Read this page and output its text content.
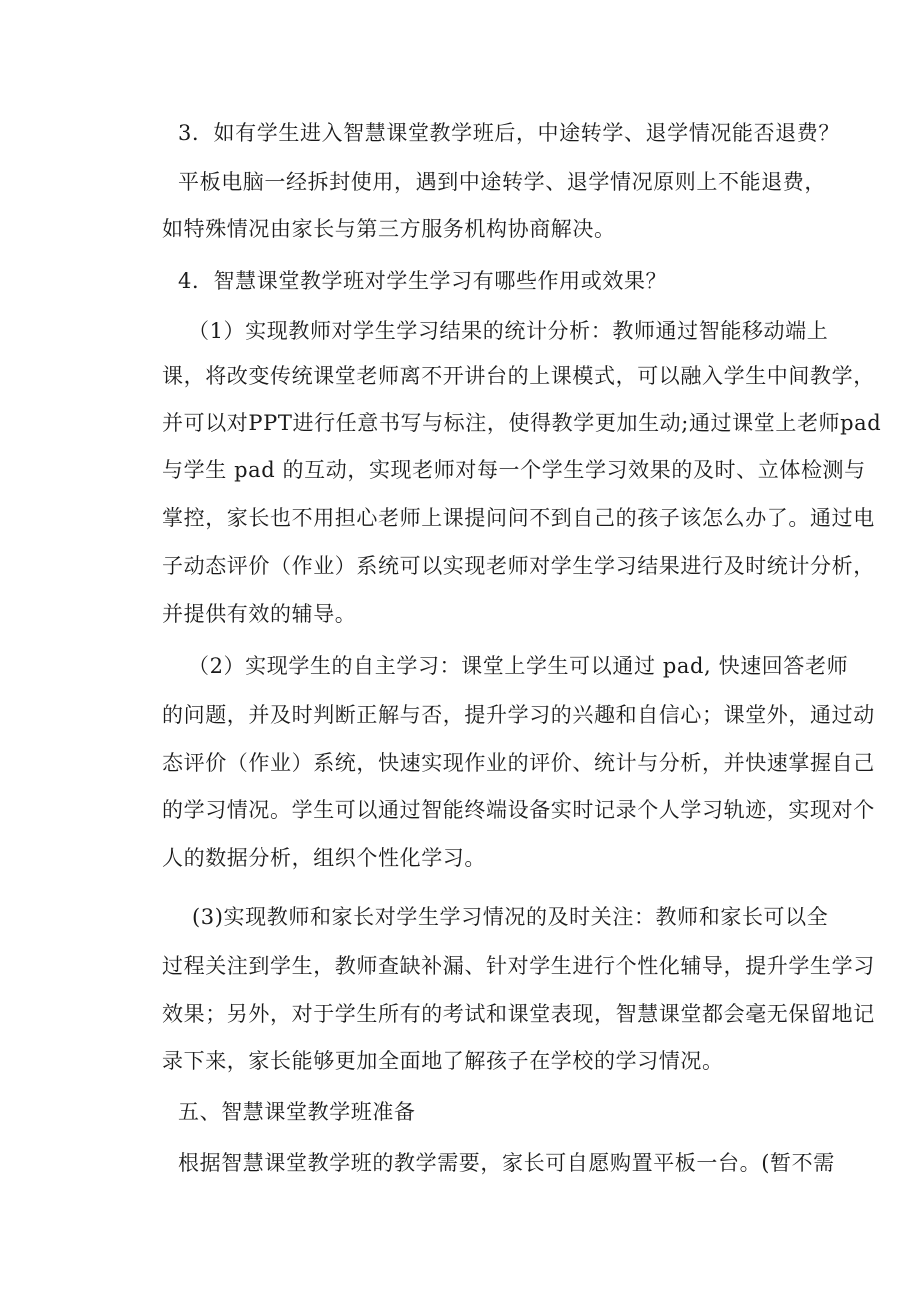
3．如有学生进入智慧课堂教学班后，中途转学、退学情况能否退费？
平板电脑一经拆封使用，遇到中途转学、退学情况原则上不能退费，
如特殊情况由家长与第三方服务机构协商解决。
4．智慧课堂教学班对学生学习有哪些作用或效果？
（1）实现教师对学生学习结果的统计分析：教师通过智能移动端上
课，将改变传统课堂老师离不开讲台的上课模式，可以融入学生中间教学，
并可以对PPT进行任意书写与标注，使得教学更加生动;通过课堂上老师pad
与学生 pad 的互动，实现老师对每一个学生学习效果的及时、立体检测与
掌控，家长也不用担心老师上课提问问不到自己的孩子该怎么办了。通过电
子动态评价（作业）系统可以实现老师对学生学习结果进行及时统计分析，
并提供有效的辅导。
（2）实现学生的自主学习：课堂上学生可以通过 pad, 快速回答老师
的问题，并及时判断正解与否，提升学习的兴趣和自信心；课堂外，通过动
态评价（作业）系统，快速实现作业的评价、统计与分析，并快速掌握自己
的学习情况。学生可以通过智能终端设备实时记录个人学习轨迹，实现对个
人的数据分析，组织个性化学习。
(3)实现教师和家长对学生学习情况的及时关注：教师和家长可以全
过程关注到学生，教师查缺补漏、针对学生进行个性化辅导，提升学生学习
效果；另外，对于学生所有的考试和课堂表现，智慧课堂都会毫无保留地记
录下来，家长能够更加全面地了解孩子在学校的学习情况。
五、智慧课堂教学班准备
根据智慧课堂教学班的教学需要，家长可自愿购置平板一台。(暂不需
